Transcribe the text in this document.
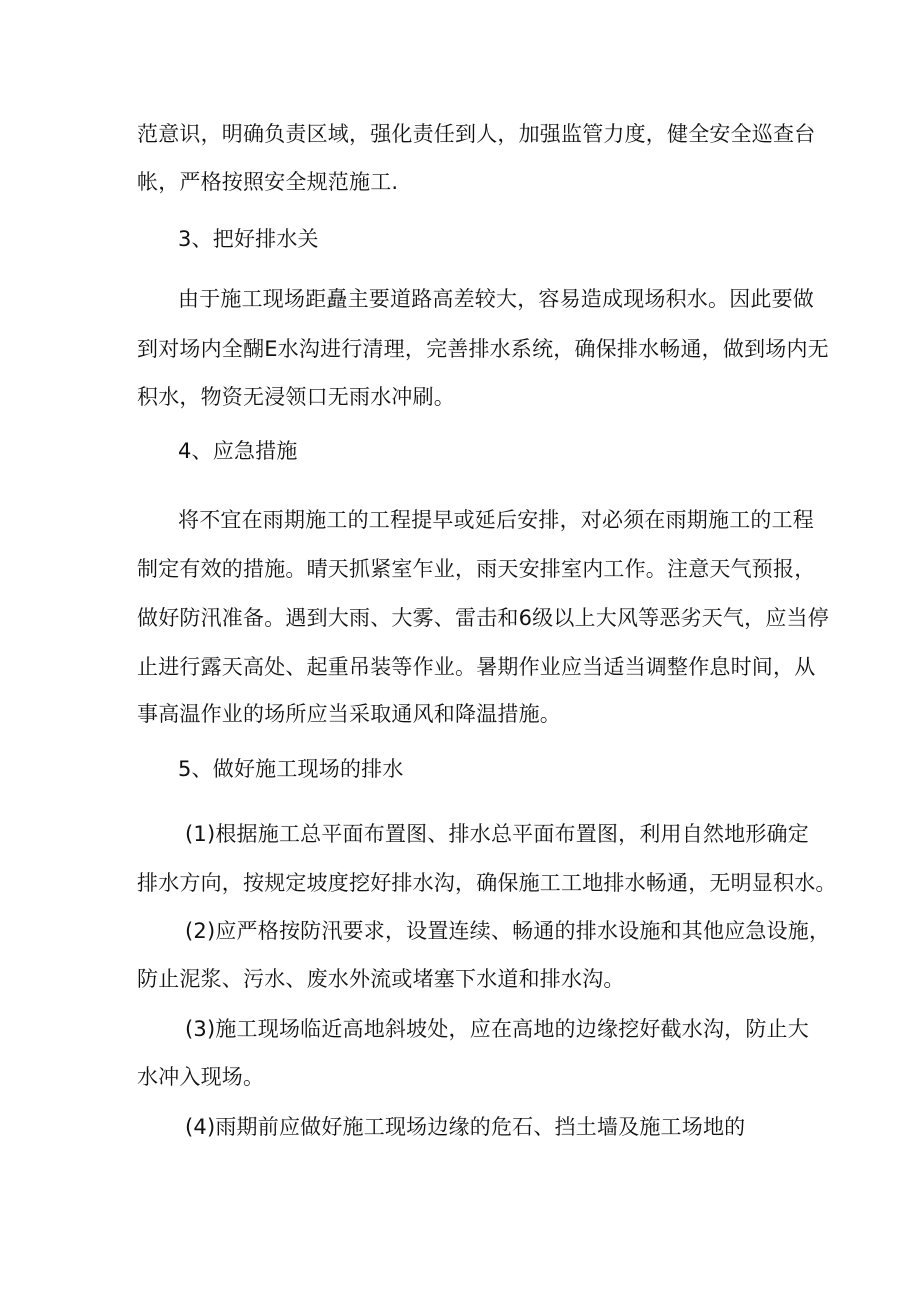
范意识，明确负责区域，强化责任到人，加强监管力度，健全安全巡查台
帐，严格按照安全规范施工.
3、把好排水关
由于施工现场距矗主要道路高差较大，容易造成现场积水。因此要做
到对场内全醐E水沟进行清理，完善排水系统，确保排水畅通，做到场内无
积水，物资无浸领口无雨水冲刷。
4、应急措施
将不宜在雨期施工的工程提早或延后安排，对必须在雨期施工的工程
制定有效的措施。晴天抓紧室乍业，雨天安排室内工作。注意天气预报，
做好防汛准备。遇到大雨、大雾、雷击和6级以上大风等恶劣天气，应当停
止进行露天高处、起重吊装等作业。暑期作业应当适当调整作息时间，从
事高温作业的场所应当采取通风和降温措施。
5、做好施工现场的排水
(1)根据施工总平面布置图、排水总平面布置图，利用自然地形确定
排水方向，按规定坡度挖好排水沟，确保施工工地排水畅通，无明显积水。
(2)应严格按防汛要求，设置连续、畅通的排水设施和其他应急设施，
防止泥浆、污水、废水外流或堵塞下水道和排水沟。
(3)施工现场临近高地斜坡处，应在高地的边缘挖好截水沟，防止大
水冲入现场。
(4)雨期前应做好施工现场边缘的危石、挡土墙及施工场地的
